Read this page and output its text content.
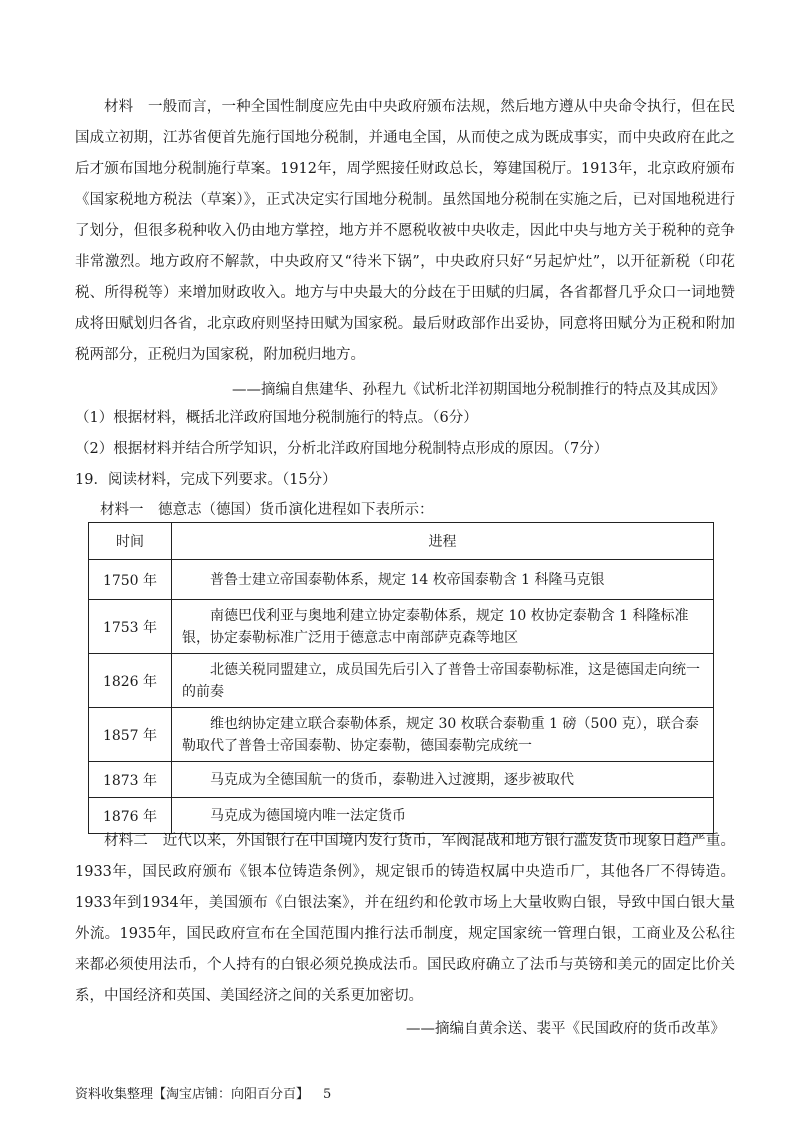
材料　 一般而言，一种全国性制度应先由中央政府颁布法规，然后地方遵从中央命令执行，但在民国成立初期，江苏省便首先施行国地分税制，并通电全国，从而使之成为既成事实，而中央政府在此之后才颁布国地分税制施行草案。1912年，周学熙接任财政总长，筹建国税厅。1913年，北京政府颁布《国家税地方税法（草案）》，正式决定实行国地分税制。虽然国地分税制在实施之后，已对国地税进行了划分，但很多税种收入仍由地方掌控，地方并不愿税收被中央收走，因此中央与地方关于税种的竞争非常激烈。地方政府不解款，中央政府又“待米下锅”，中央政府只好“另起炉灶”，以开征新税（印花税、所得税等）来增加财政收入。地方与中央最大的分歧在于田赋的归属，各省都督几乎众口一词地赞成将田赋划归各省，北京政府则坚持田赋为国家税。最后财政部作出妥协，同意将田赋分为正税和附加税两部分，正税归为国家税，附加税归地方。

——摘编自焦建华、孙程九《试析北洋初期国地分税制推行的特点及其成因》
（1）根据材料，概括北洋政府国地分税制施行的特点。（6分）
（2）根据材料并结合所学知识，分析北洋政府国地分税制特点形成的原因。（7分）
19．阅读材料，完成下列要求。（15分）
材料一　德意志（德国）货币演化进程如下表所示：
时间	进程
1750 年	普鲁士建立帝国泰勒体系，规定 14 枚帝国泰勒含 1 科隆马克银
1753 年	南德巴伐利亚与奥地利建立协定泰勒体系，规定 10 枚协定泰勒含 1 科隆标准银，协定泰勒标准广泛用于德意志中南部萨克森等地区
1826 年	北德关税同盟建立，成员国先后引入了普鲁士帝国泰勒标准，这是德国走向统一的前奏
1857 年	维也纳协定建立联合泰勒体系，规定 30 枚联合泰勒重 1 磅（500 克），联合泰勒取代了普鲁士帝国泰勒、协定泰勒，德国泰勒完成统一
1873 年	马克成为全德国航一的货币，泰勒进入过渡期，逐步被取代
1876 年	马克成为德国境内唯一法定货币

材料二　 近代以来，外国银行在中国境内发行货币，军阀混战和地方银行滥发货币现象日趋严重。1933年，国民政府颁布《银本位铸造条例》，规定银币的铸造权属中央造币厂，其他各厂不得铸造。1933年到1934年，美国颁布《白银法案》，并在纽约和伦敦市场上大量收购白银，导致中国白银大量外流。1935年，国民政府宣布在全国范围内推行法币制度，规定国家统一管理白银，工商业及公私往来都必须使用法币，个人持有的白银必须兑换成法币。国民政府确立了法币与英镑和美元的固定比价关系，中国经济和英国、美国经济之间的关系更加密切。

——摘编自黄余送、裴平《民国政府的货币改革》
资料收集整理【淘宝店铺：向阳百分百】 5
